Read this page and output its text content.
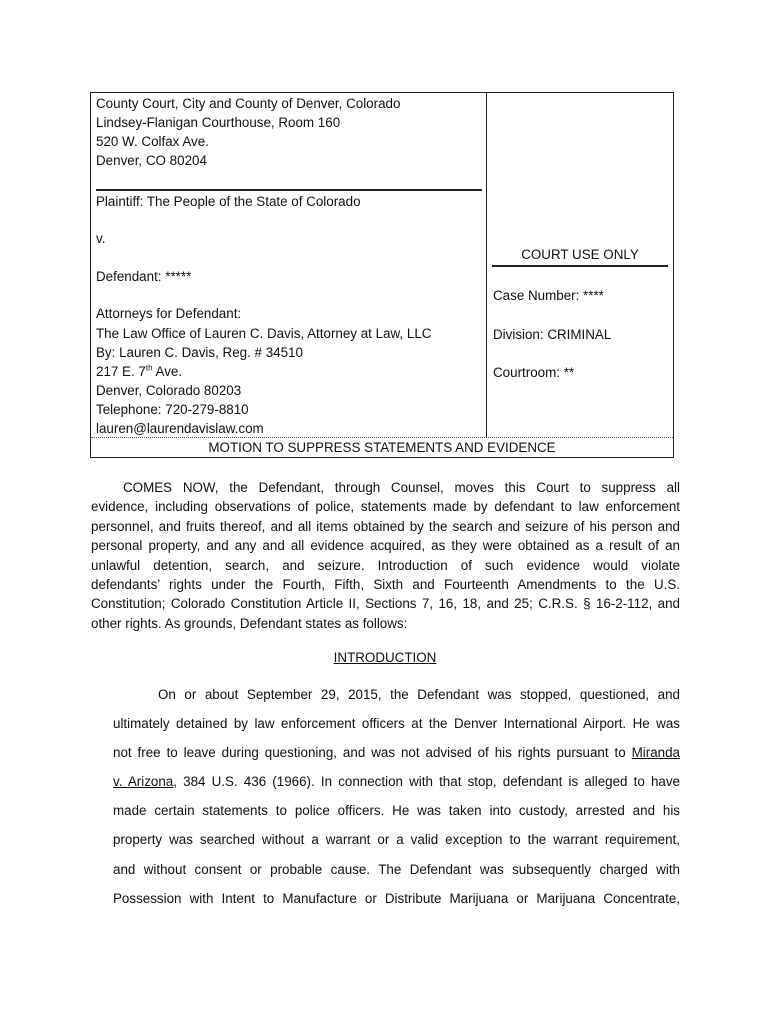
County Court, City and County of Denver, Colorado
Lindsey-Flanigan Courthouse, Room 160
520 W. Colfax Ave.
Denver, CO 80204
Plaintiff: The People of the State of Colorado
v.
Defendant: *****
Attorneys for Defendant:
The Law Office of Lauren C. Davis, Attorney at Law, LLC
By: Lauren C. Davis, Reg. # 34510
217 E. 7th Ave.
Denver, Colorado 80203
Telephone: 720-279-8810
lauren@laurendavislaw.com
COURT USE ONLY
Case Number: ****
Division: CRIMINAL
Courtroom: **
MOTION TO SUPPRESS STATEMENTS AND EVIDENCE
COMES NOW, the Defendant, through Counsel, moves this Court to suppress all
evidence, including observations of police, statements made by defendant to law enforcement
personnel, and fruits thereof, and all items obtained by the search and seizure of his person and
personal property, and any and all evidence acquired, as they were obtained as a result of an
unlawful detention, search, and seizure. Introduction of such evidence would violate
defendants’ rights under the Fourth, Fifth, Sixth and Fourteenth Amendments to the U.S.
Constitution; Colorado Constitution Article II, Sections 7, 16, 18, and 25; C.R.S. § 16-2-112, and
other rights. As grounds, Defendant states as follows:
INTRODUCTION
On or about September 29, 2015, the Defendant was stopped, questioned, and
ultimately detained by law enforcement officers at the Denver International Airport. He was
not free to leave during questioning, and was not advised of his rights pursuant to Miranda
v. Arizona, 384 U.S. 436 (1966). In connection with that stop, defendant is alleged to have
made certain statements to police officers. He was taken into custody, arrested and his
property was searched without a warrant or a valid exception to the warrant requirement,
and without consent or probable cause. The Defendant was subsequently charged with
Possession with Intent to Manufacture or Distribute Marijuana or Marijuana Concentrate,
